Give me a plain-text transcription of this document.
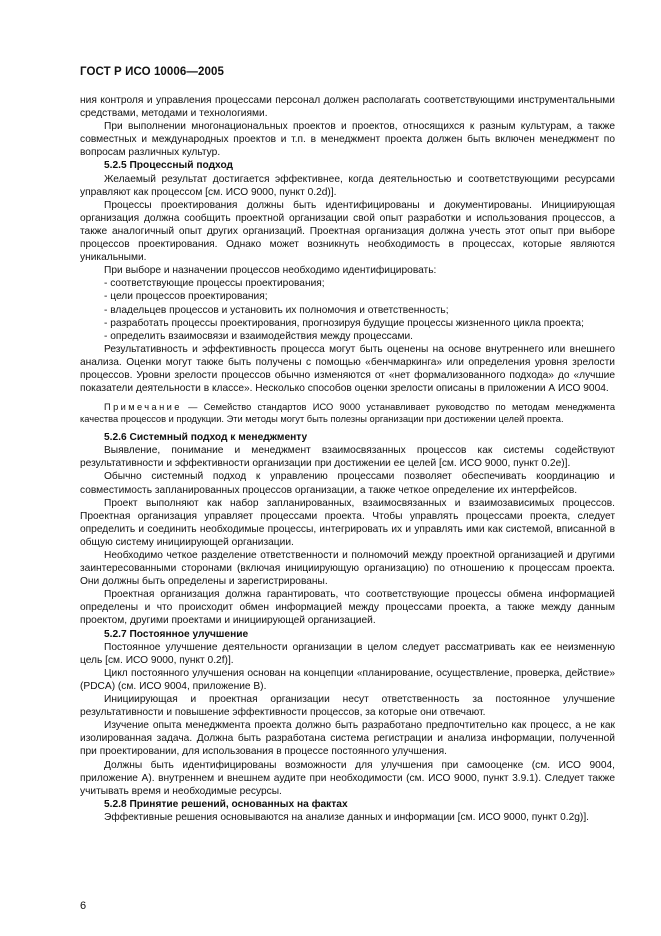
ГОСТ Р ИСО 10006—2005

ния контроля и управления процессами персонал должен располагать соответствующими инструментальными средствами, методами и технологиями.

При выполнении многонациональных проектов и проектов, относящихся к разным культурам, а также совместных и международных проектов и т.п. в менеджмент проекта должен быть включен менеджмент по вопросам различных культур.

5.2.5 Процессный подход

Желаемый результат достигается эффективнее, когда деятельностью и соответствующими ресурсами управляют как процессом [см. ИСО 9000, пункт 0.2d)].

Процессы проектирования должны быть идентифицированы и документированы. Инициирующая организация должна сообщить проектной организации свой опыт разработки и использования процессов, а также аналогичный опыт других организаций. Проектная организация должна учесть этот опыт при выборе процессов проектирования. Однако может возникнуть необходимость в процессах, которые являются уникальными.

При выборе и назначении процессов необходимо идентифицировать:

- соответствующие процессы проектирования;

- цели процессов проектирования;

- владельцев процессов и установить их полномочия и ответственность;

- разработать процессы проектирования, прогнозируя будущие процессы жизненного цикла проекта;

- определить взаимосвязи и взаимодействия между процессами.

Результативность и эффективность процесса могут быть оценены на основе внутреннего или внешнего анализа. Оценки могут также быть получены с помощью «бенчмаркинга» или определения уровня зрелости процессов. Уровни зрелости процессов обычно изменяются от «нет формализованного подхода» до «лучшие показатели деятельности в классе». Несколько способов оценки зрелости описаны в приложении А ИСО 9004.

Примечание — Семейство стандартов ИСО 9000 устанавливает руководство по методам менеджмента качества процессов и продукции. Эти методы могут быть полезны организации при достижении целей проекта.

5.2.6 Системный подход к менеджменту

Выявление, понимание и менеджмент взаимосвязанных процессов как системы содействуют результативности и эффективности организации при достижении ее целей [см. ИСО 9000, пункт 0.2е)].

Обычно системный подход к управлению процессами позволяет обеспечивать координацию и совместимость запланированных процессов организации, а также четкое определение их интерфейсов.

Проект выполняют как набор запланированных, взаимосвязанных и взаимозависимых процессов. Проектная организация управляет процессами проекта. Чтобы управлять процессами проекта, следует определить и соединить необходимые процессы, интегрировать их и управлять ими как системой, вписанной в общую систему инициирующей организации.

Необходимо четкое разделение ответственности и полномочий между проектной организацией и другими заинтересованными сторонами (включая инициирующую организацию) по отношению к процессам проекта. Они должны быть определены и зарегистрированы.

Проектная организация должна гарантировать, что соответствующие процессы обмена информацией определены и что происходит обмен информацией между процессами проекта, а также между данным проектом, другими проектами и инициирующей организацией.

5.2.7 Постоянное улучшение

Постоянное улучшение деятельности организации в целом следует рассматривать как ее неизменную цель [см. ИСО 9000, пункт 0.2f)].

Цикл постоянного улучшения основан на концепции «планирование, осуществление, проверка, действие» (PDCA) (см. ИСО 9004, приложение В).

Инициирующая и проектная организации несут ответственность за постоянное улучшение результативности и повышение эффективности процессов, за которые они отвечают.

Изучение опыта менеджмента проекта должно быть разработано предпочтительно как процесс, а не как изолированная задача. Должна быть разработана система регистрации и анализа информации, полученной при проектировании, для использования в процессе постоянного улучшения.

Должны быть идентифицированы возможности для улучшения при самооценке (см. ИСО 9004, приложение А). внутреннем и внешнем аудите при необходимости (см. ИСО 9000, пункт 3.9.1). Следует также учитывать время и необходимые ресурсы.

5.2.8 Принятие решений, основанных на фактах

Эффективные решения основываются на анализе данных и информации [см. ИСО 9000, пункт 0.2g)].

6
